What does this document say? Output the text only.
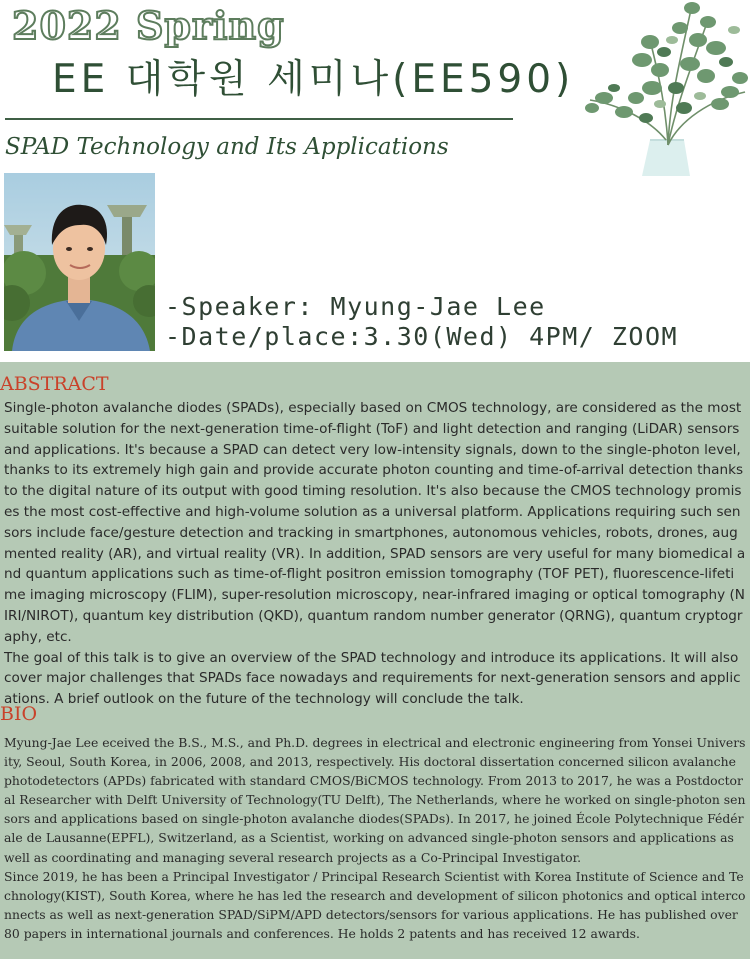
2022 Spring
EE 대학원 세미나(EE590)
SPAD Technology and Its Applications
-Speaker: Myung-Jae Lee
-Date/place:3.30(Wed) 4PM/ ZOOM
ABSTRACT

Single-photon avalanche diodes (SPADs), especially based on CMOS technology, are considered as the most suitable solution for the next-generation time-of-flight (ToF) and light detection and ranging (LiDAR) sensors and applications. It's because a SPAD can detect very low-intensity signals, down to the single-photon level, thanks to its extremely high gain and provide accurate photon counting and time-of-arrival detection thanks to the digital nature of its output with good timing resolution. It's also because the CMOS technology promises the most cost-effective and high-volume solution as a universal platform. Applications requiring such sensors include face/gesture detection and tracking in smartphones, autonomous vehicles, robots, drones, augmented reality (AR), and virtual reality (VR). In addition, SPAD sensors are very useful for many biomedical and quantum applications such as time-of-flight positron emission tomography (TOF PET), fluorescence-lifetime imaging microscopy (FLIM), super-resolution microscopy, near-infrared imaging or optical tomography (NIRI/NIROT), quantum key distribution (QKD), quantum random number generator (QRNG), quantum cryptography, etc.

The goal of this talk is to give an overview of the SPAD technology and introduce its applications. It will also cover major challenges that SPADs face nowadays and requirements for next-generation sensors and applications. A brief outlook on the future of the technology will conclude the talk.

BIO

Myung-Jae Lee eceived the B.S., M.S., and Ph.D. degrees in electrical and electronic engineering from Yonsei University, Seoul, South Korea, in 2006, 2008, and 2013, respectively. His doctoral dissertation concerned silicon avalanche photodetectors (APDs) fabricated with standard CMOS/BiCMOS technology. From 2013 to 2017, he was a Postdoctoral Researcher with Delft University of Technology(TU Delft), The Netherlands, where he worked on single-photon sensors and applications based on single-photon avalanche diodes(SPADs). In 2017, he joined École Polytechnique Fédérale de Lausanne(EPFL), Switzerland, as a Scientist, working on advanced single-photon sensors and applications as well as coordinating and managing several research projects as a Co-Principal Investigator.

Since 2019, he has been a Principal Investigator / Principal Research Scientist with Korea Institute of Science and Technology(KIST), South Korea, where he has led the research and development of silicon photonics and optical interconnects as well as next-generation SPAD/SiPM/APD detectors/sensors for various applications. He has published over 80 papers in international journals and conferences. He holds 2 patents and has received 12 awards.
